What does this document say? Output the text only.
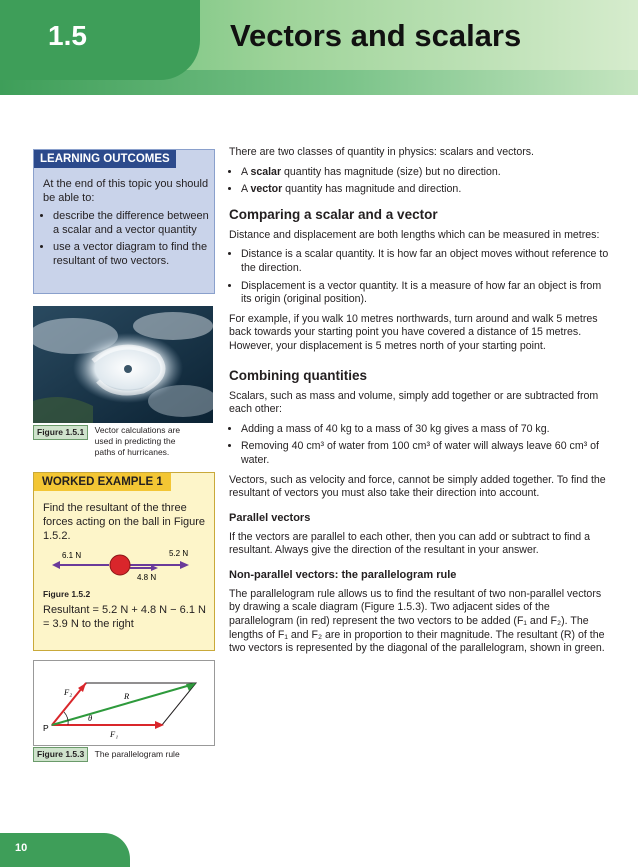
1.5	Vectors and scalars
LEARNING OUTCOMES
At the end of this topic you should be able to:
• describe the difference between a scalar and a vector quantity
• use a vector diagram to find the resultant of two vectors.
Figure 1.5.1 Vector calculations are used in predicting the paths of hurricanes.
WORKED EXAMPLE 1
Find the resultant of the three forces acting on the ball in Figure 1.5.2.
6.1 N	5.2 N
4.8 N
Figure 1.5.2
Resultant = 5.2 N + 4.8 N − 6.1 N = 3.9 N to the right
F₂	R
θ
P
F₁
Figure 1.5.3 The parallelogram rule

There are two classes of quantity in physics: scalars and vectors.

• A scalar quantity has magnitude (size) but no direction.
• A vector quantity has magnitude and direction.
Comparing a scalar and a vector

Distance and displacement are both lengths which can be measured in metres:

• Distance is a scalar quantity. It is how far an object moves without reference to the direction.
• Displacement is a vector quantity. It is a measure of how far an object is from its origin (original position).

For example, if you walk 10 metres northwards, turn around and walk 5 metres back towards your starting point you have covered a distance of 15 metres. However, your displacement is 5 metres north of your starting point.

Combining quantities

Scalars, such as mass and volume, simply add together or are subtracted from each other:

• Adding a mass of 40 kg to a mass of 30 kg gives a mass of 70 kg.
• Removing 40 cm³ of water from 100 cm³ of water will always leave 60 cm³ of water.

Vectors, such as velocity and force, cannot be simply added together. To find the resultant of vectors you must also take their direction into account.

Parallel vectors

If the vectors are parallel to each other, then you can add or subtract to find a resultant. Always give the direction of the resultant in your answer.

Non-parallel vectors: the parallelogram rule

The parallelogram rule allows us to find the resultant of two non-parallel vectors by drawing a scale diagram (Figure 1.5.3). Two adjacent sides of the parallelogram (in red) represent the two vectors to be added (F₁ and F₂). The lengths of F₁ and F₂ are in proportion to their magnitude. The resultant (R) of the two vectors is represented by the diagonal of the parallelogram, shown in green.

10
